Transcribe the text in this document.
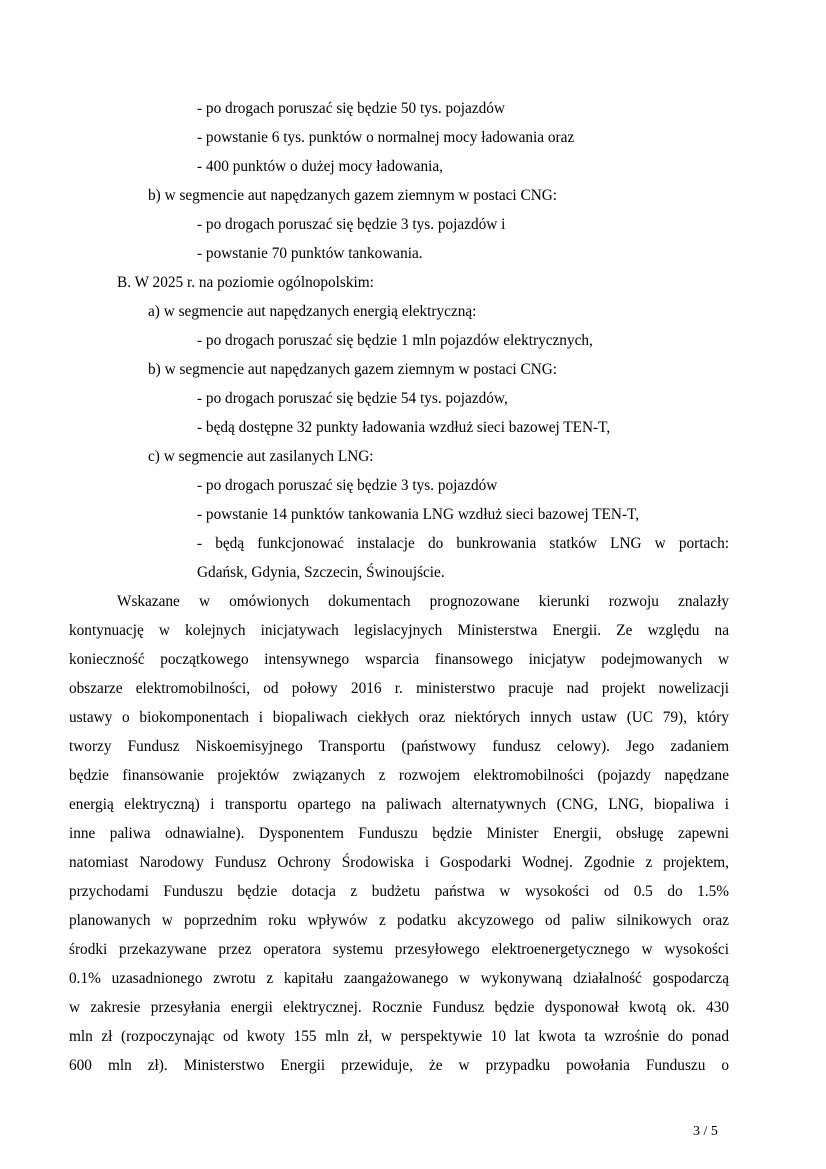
- po drogach poruszać się będzie 50 tys. pojazdów
- powstanie 6 tys. punktów o normalnej mocy ładowania oraz
- 400 punktów o dużej mocy ładowania,
b) w segmencie aut napędzanych gazem ziemnym w postaci CNG:
- po drogach poruszać się będzie 3 tys. pojazdów i
- powstanie 70 punktów tankowania.
B. W 2025 r. na poziomie ogólnopolskim:
a) w segmencie aut napędzanych energią elektryczną:
- po drogach poruszać się będzie 1 mln pojazdów elektrycznych,
b) w segmencie aut napędzanych gazem ziemnym w postaci CNG:
- po drogach poruszać się będzie 54 tys. pojazdów,
- będą dostępne 32 punkty ładowania wzdłuż sieci bazowej TEN-T,
c) w segmencie aut zasilanych LNG:
- po drogach poruszać się będzie 3 tys. pojazdów
- powstanie 14 punktów tankowania LNG wzdłuż sieci bazowej TEN-T,
- będą funkcjonować instalacje do bunkrowania statków LNG w portach:
Gdańsk, Gdynia, Szczecin, Świnoujście.
Wskazane w omówionych dokumentach prognozowane kierunki rozwoju znalazły
kontynuację w kolejnych inicjatywach legislacyjnych Ministerstwa Energii. Ze względu na
konieczność początkowego intensywnego wsparcia finansowego inicjatyw podejmowanych w
obszarze elektromobilności, od połowy 2016 r. ministerstwo pracuje nad projekt nowelizacji
ustawy o biokomponentach i biopaliwach ciekłych oraz niektórych innych ustaw (UC 79), który
tworzy Fundusz Niskoemisyjnego Transportu (państwowy fundusz celowy). Jego zadaniem
będzie finansowanie projektów związanych z rozwojem elektromobilności (pojazdy napędzane
energią elektryczną) i transportu opartego na paliwach alternatywnych (CNG, LNG, biopaliwa i
inne paliwa odnawialne). Dysponentem Funduszu będzie Minister Energii, obsługę zapewni
natomiast Narodowy Fundusz Ochrony Środowiska i Gospodarki Wodnej. Zgodnie z projektem,
przychodami Funduszu będzie dotacja z budżetu państwa w wysokości od 0.5 do 1.5%
planowanych w poprzednim roku wpływów z podatku akcyzowego od paliw silnikowych oraz
środki przekazywane przez operatora systemu przesyłowego elektroenergetycznego w wysokości
0.1% uzasadnionego zwrotu z kapitału zaangażowanego w wykonywaną działalność gospodarczą
w zakresie przesyłania energii elektrycznej. Rocznie Fundusz będzie dysponował kwotą ok. 430
mln zł (rozpoczynając od kwoty 155 mln zł, w perspektywie 10 lat kwota ta wzrośnie do ponad
600 mln zł). Ministerstwo Energii przewiduje, że w przypadku powołania Funduszu o
3 / 5
